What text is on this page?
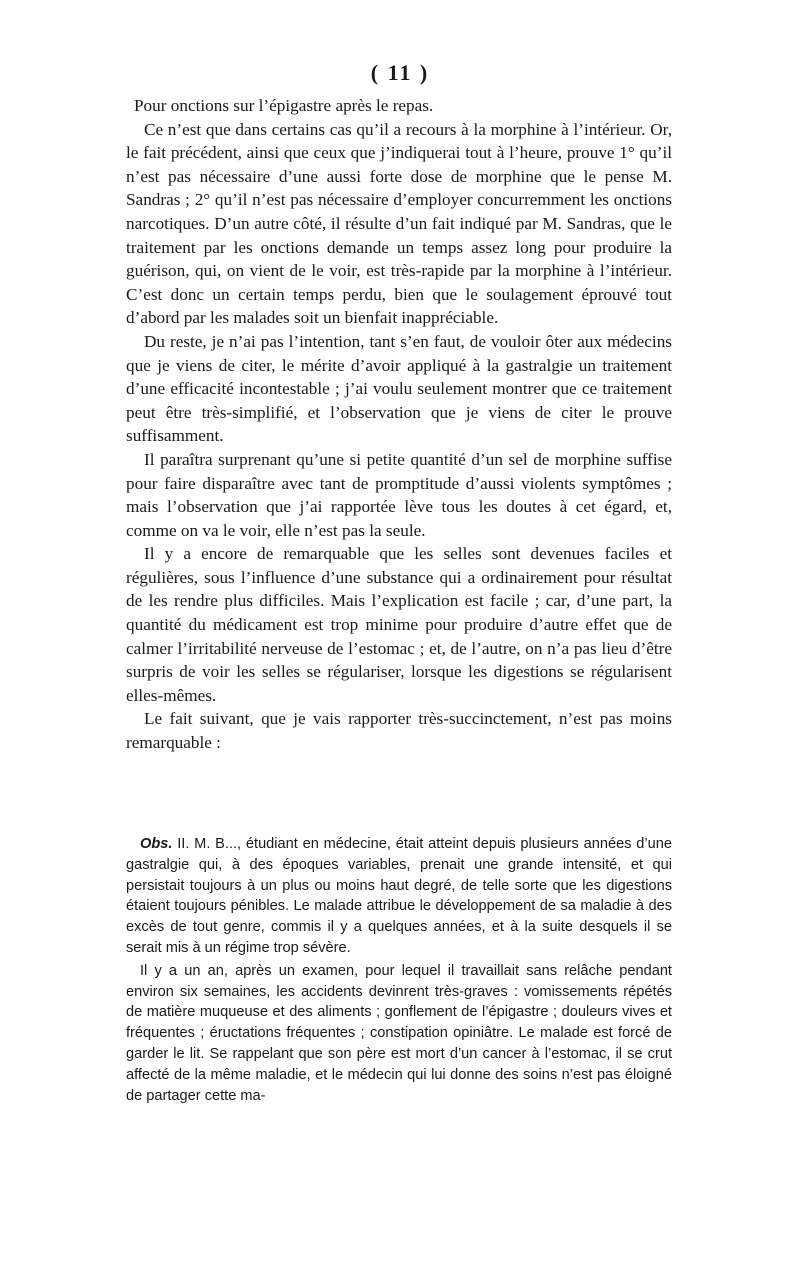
( 11 )

Pour onctions sur l’épigastre après le repas.

Ce n’est que dans certains cas qu’il a recours à la morphine à l’intérieur. Or, le fait précédent, ainsi que ceux que j’indiquerai tout à l’heure, prouve 1° qu’il n’est pas nécessaire d’une aussi forte dose de morphine que le pense M. Sandras ; 2° qu’il n’est pas nécessaire d’employer concurremment les onctions narcotiques. D’un autre côté, il résulte d’un fait indiqué par M. Sandras, que le traitement par les onctions demande un temps assez long pour produire la guérison, qui, on vient de le voir, est très-rapide par la morphine à l’intérieur. C’est donc un certain temps perdu, bien que le soulagement éprouvé tout d’abord par les malades soit un bienfait inappréciable.

Du reste, je n’ai pas l’intention, tant s’en faut, de vouloir ôter aux médecins que je viens de citer, le mérite d’avoir appliqué à la gastralgie un traitement d’une efficacité incontestable ; j’ai voulu seulement montrer que ce traitement peut être très-simplifié, et l’observation que je viens de citer le prouve suffisamment.

Il paraîtra surprenant qu’une si petite quantité d’un sel de morphine suffise pour faire disparaître avec tant de promptitude d’aussi violents symptômes ; mais l’observation que j’ai rapportée lève tous les doutes à cet égard, et, comme on va le voir, elle n’est pas la seule.

Il y a encore de remarquable que les selles sont devenues faciles et régulières, sous l’influence d’une substance qui a ordinairement pour résultat de les rendre plus difficiles. Mais l’explication est facile ; car, d’une part, la quantité du médicament est trop minime pour produire d’autre effet que de calmer l’irritabilité nerveuse de l’estomac ; et, de l’autre, on n’a pas lieu d’être surpris de voir les selles se régulariser, lorsque les digestions se régularisent elles-mêmes.

Le fait suivant, que je vais rapporter très-succinctement, n’est pas moins remarquable :

Obs. II. M. B..., étudiant en médecine, était atteint depuis plusieurs années d’une gastralgie qui, à des époques variables, prenait une grande intensité, et qui persistait toujours à un plus ou moins haut degré, de telle sorte que les digestions étaient toujours pénibles. Le malade attribue le développement de sa maladie à des excès de tout genre, commis il y a quelques années, et à la suite desquels il se serait mis à un régime trop sévère.

Il y a un an, après un examen, pour lequel il travaillait sans relâche pendant environ six semaines, les accidents devinrent très-graves : vomissements répétés de matière muqueuse et des aliments ; gonflement de l’épigastre ; douleurs vives et fréquentes ; éructations fréquentes ; constipation opiniâtre. Le malade est forcé de garder le lit. Se rappelant que son père est mort d’un cancer à l’estomac, il se crut affecté de la même maladie, et le médecin qui lui donne des soins n’est pas éloigné de partager cette ma-
